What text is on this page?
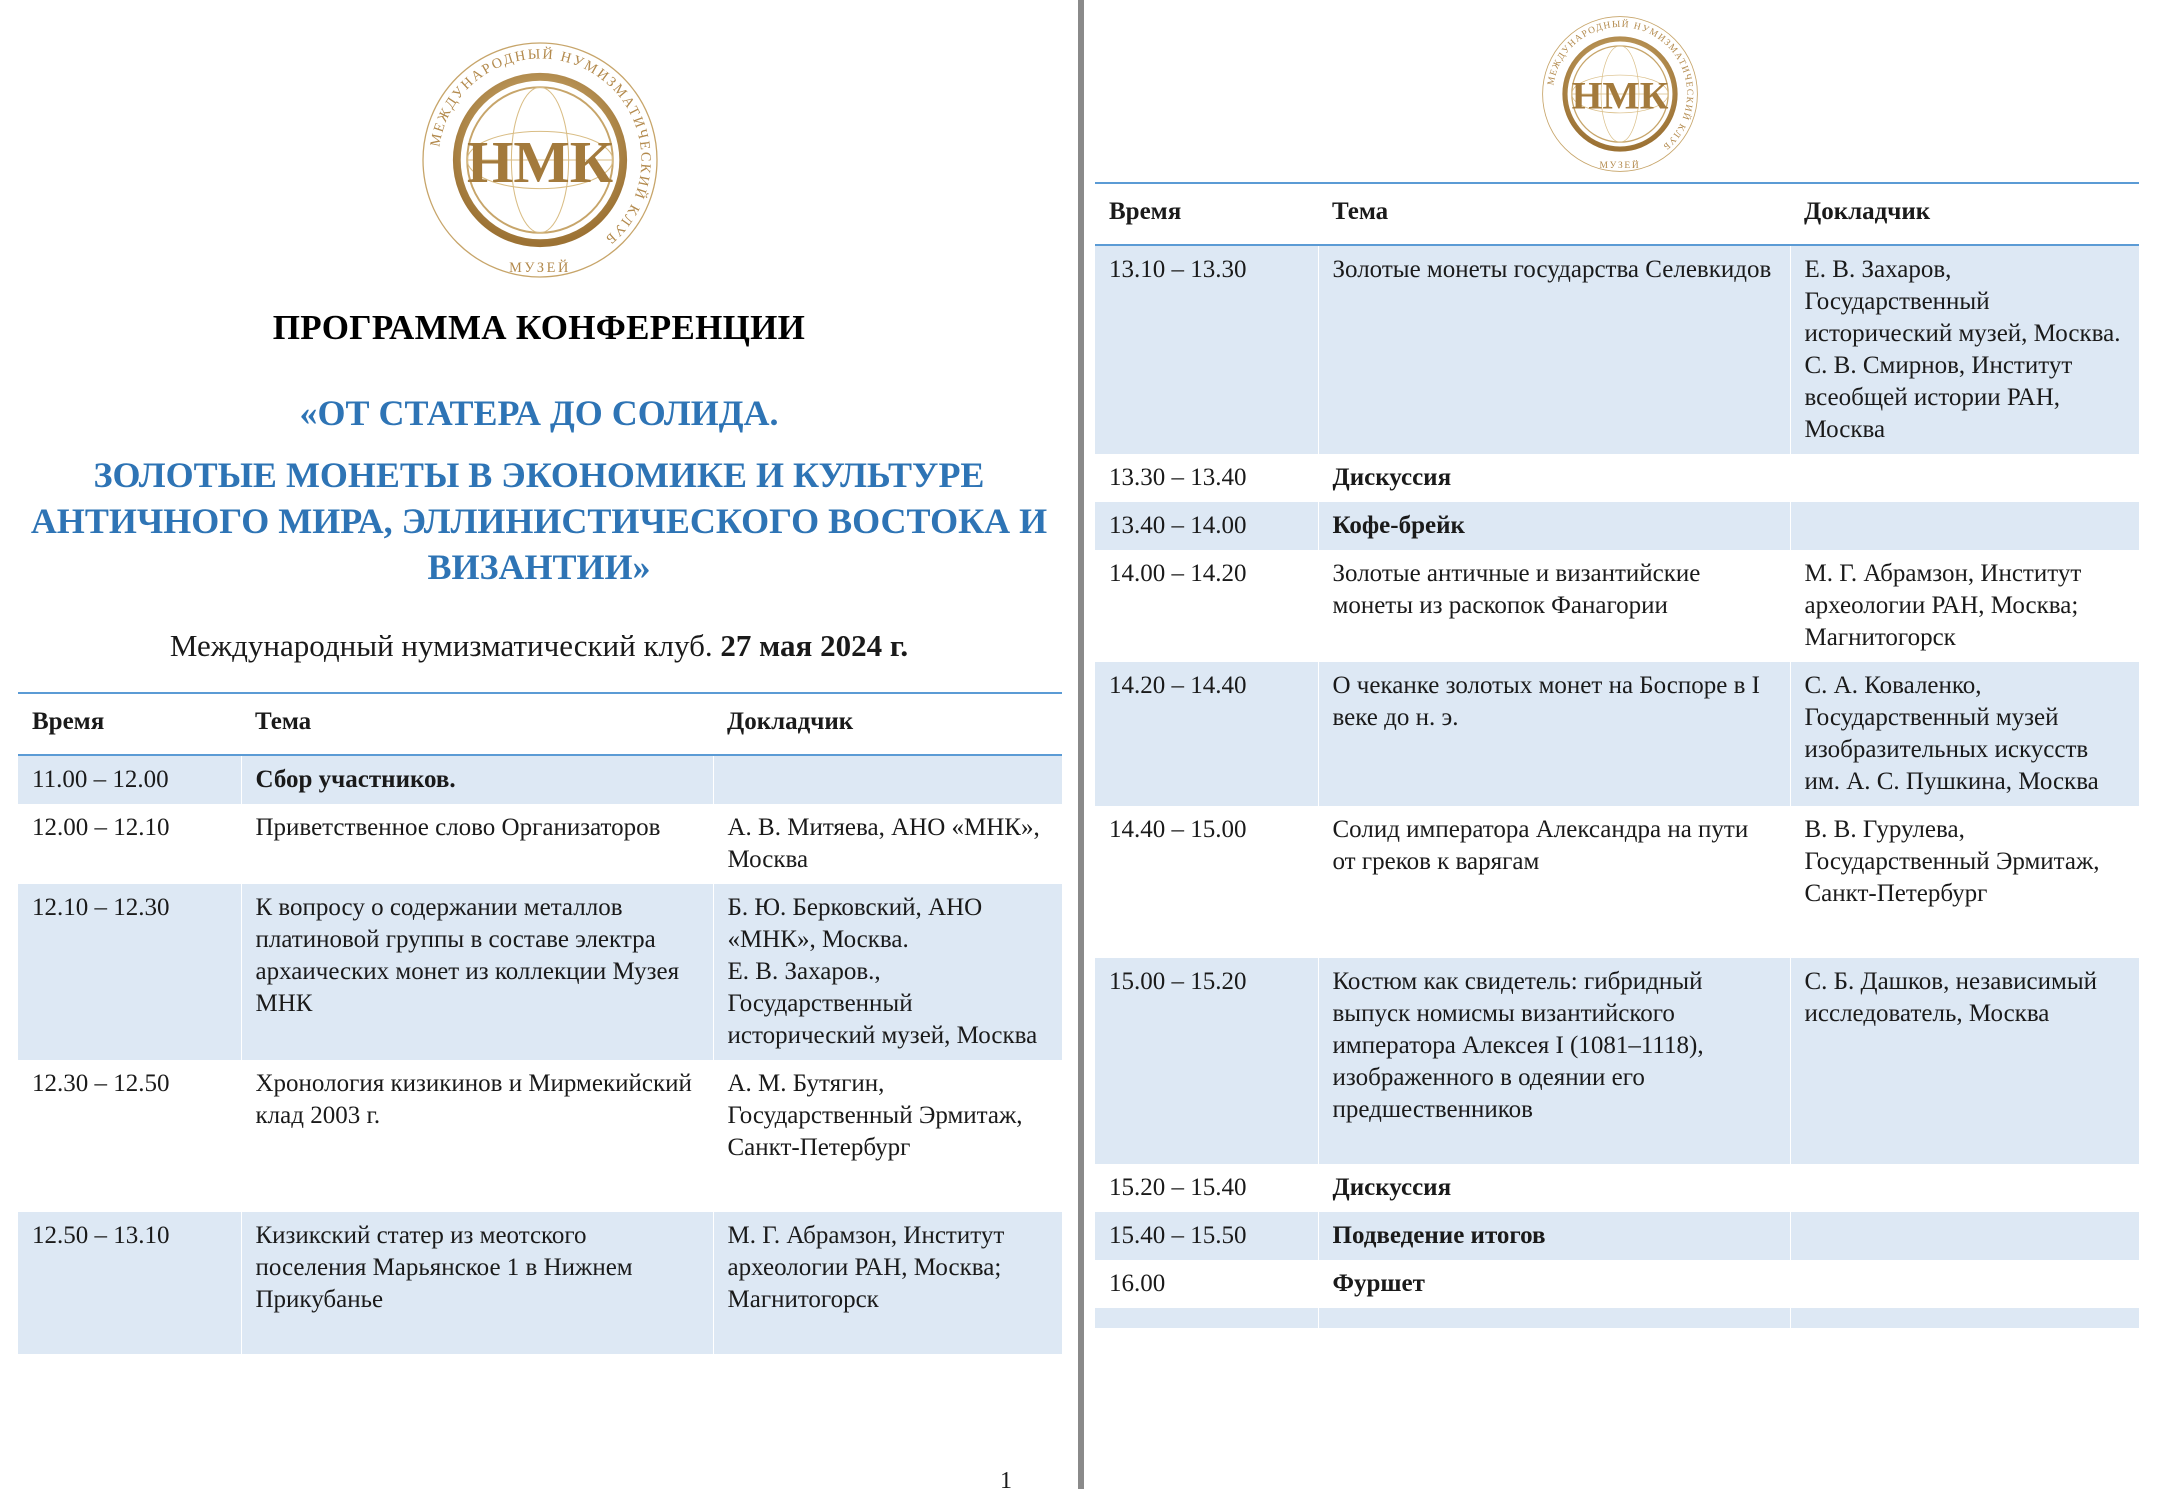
НМК
МЕЖДУНАРОДНЫЙ НУМИЗМАТИЧЕСКИЙ КЛУБ
МУЗЕЙ
ПРОГРАММА КОНФЕРЕНЦИИ
«ОТ СТАТЕРА ДО СОЛИДА.
ЗОЛОТЫЕ МОНЕТЫ В ЭКОНОМИКЕ И КУЛЬТУРЕ АНТИЧНОГО МИРА, ЭЛЛИНИСТИЧЕСКОГО ВОСТОКА И ВИЗАНТИИ»
Международный нумизматический клуб. 27 мая 2024 г.
Время	Тема	Докладчик
11.00 – 12.00	Сбор участников.	
12.00 – 12.10	Приветственное слово Организаторов	А. В. Митяева, АНО «МНК», Москва
12.10 – 12.30	К вопросу о содержании металлов платиновой группы в составе электра архаических монет из коллекции Музея МНК	Б. Ю. Берковский, АНО «МНК», Москва.
Е. В. Захаров., Государственный исторический музей, Москва
12.30 – 12.50	Хронология кизикинов и Мирмекийский клад 2003 г.	А. М. Бутягин, Государственный Эрмитаж, Санкт-Петербург
12.50 – 13.10	Кизикский статер из меотского поселения Марьянское 1 в Нижнем Прикубанье	М. Г. Абрамзон, Институт археологии РАН, Москва; Магнитогорск
1
НМК
МЕЖДУНАРОДНЫЙ НУМИЗМАТИЧЕСКИЙ КЛУБ
МУЗЕЙ
Время	Тема	Докладчик
13.10 – 13.30	Золотые монеты государства Селевкидов	Е. В. Захаров, Государственный исторический музей, Москва.
С. В. Смирнов, Институт всеобщей истории РАН, Москва
13.30 – 13.40	Дискуссия	
13.40 – 14.00	Кофе-брейк	
14.00 – 14.20	Золотые античные и византийские монеты из раскопок Фанагории	М. Г. Абрамзон, Институт археологии РАН, Москва; Магнитогорск
14.20 – 14.40	О чеканке золотых монет на Боспоре в I веке до н. э.	С. А. Коваленко, Государственный музей изобразительных искусств им. А. С. Пушкина, Москва
14.40 – 15.00	Солид императора Александра на пути от греков к варягам	В. В. Гурулева, Государственный Эрмитаж, Санкт-Петербург
15.00 – 15.20	Костюм как свидетель: гибридный выпуск номисмы византийского императора Алексея I (1081–1118), изображенного в одеянии его предшественников	С. Б. Дашков, независимый исследователь, Москва
15.20 – 15.40	Дискуссия	
15.40 – 15.50	Подведение итогов	
16.00	Фуршет	
